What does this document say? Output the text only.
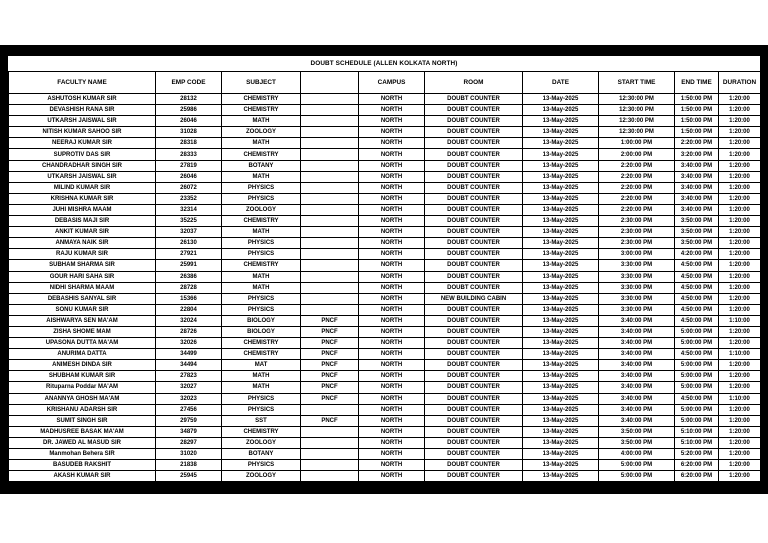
DOUBT SCHEDULE (ALLEN KOLKATA NORTH)
FACULTY NAME	EMP CODE	SUBJECT		CAMPUS	ROOM	DATE	START TIME	END TIME	DURATION
ASHUTOSH KUMAR SIR	28132	CHEMISTRY		NORTH	DOUBT COUNTER	13-May-2025	12:30:00 PM	1:50:00 PM	1:20:00
DEVASHISH RANA SIR	25986	CHEMISTRY		NORTH	DOUBT COUNTER	13-May-2025	12:30:00 PM	1:50:00 PM	1:20:00
UTKARSH JAISWAL SIR	26046	MATH		NORTH	DOUBT COUNTER	13-May-2025	12:30:00 PM	1:50:00 PM	1:20:00
NITISH KUMAR SAHOO SIR	31028	ZOOLOGY		NORTH	DOUBT COUNTER	13-May-2025	12:30:00 PM	1:50:00 PM	1:20:00
NEERAJ KUMAR SIR	28318	MATH		NORTH	DOUBT COUNTER	13-May-2025	1:00:00 PM	2:20:00 PM	1:20:00
SUPROTIV DAS SIR	28333	CHEMISTRY		NORTH	DOUBT COUNTER	13-May-2025	2:00:00 PM	3:20:00 PM	1:20:00
CHANDRADHAR SINGH SIR	27819	BOTANY		NORTH	DOUBT COUNTER	13-May-2025	2:20:00 PM	3:40:00 PM	1:20:00
UTKARSH JAISWAL SIR	26046	MATH		NORTH	DOUBT COUNTER	13-May-2025	2:20:00 PM	3:40:00 PM	1:20:00
MILIND KUMAR SIR	26072	PHYSICS		NORTH	DOUBT COUNTER	13-May-2025	2:20:00 PM	3:40:00 PM	1:20:00
KRISHNA KUMAR SIR	23352	PHYSICS		NORTH	DOUBT COUNTER	13-May-2025	2:20:00 PM	3:40:00 PM	1:20:00
JUHI MISHRA MAAM	32314	ZOOLOGY		NORTH	DOUBT COUNTER	13-May-2025	2:20:00 PM	3:40:00 PM	1:20:00
DEBASIS MAJI SIR	35225	CHEMISTRY		NORTH	DOUBT COUNTER	13-May-2025	2:30:00 PM	3:50:00 PM	1:20:00
ANKIT KUMAR SIR	32037	MATH		NORTH	DOUBT COUNTER	13-May-2025	2:30:00 PM	3:50:00 PM	1:20:00
ANMAYA NAIK SIR	26130	PHYSICS		NORTH	DOUBT COUNTER	13-May-2025	2:30:00 PM	3:50:00 PM	1:20:00
RAJU KUMAR SIR	27921	PHYSICS		NORTH	DOUBT COUNTER	13-May-2025	3:00:00 PM	4:20:00 PM	1:20:00
SUBHAM SHARMA SIR	25991	CHEMISTRY		NORTH	DOUBT COUNTER	13-May-2025	3:30:00 PM	4:50:00 PM	1:20:00
GOUR HARI SAHA SIR	26386	MATH		NORTH	DOUBT COUNTER	13-May-2025	3:30:00 PM	4:50:00 PM	1:20:00
NIDHI SHARMA MAAM	28728	MATH		NORTH	DOUBT COUNTER	13-May-2025	3:30:00 PM	4:50:00 PM	1:20:00
DEBASHIS SANYAL SIR	15366	PHYSICS		NORTH	NEW BUILDING CABIN	13-May-2025	3:30:00 PM	4:50:00 PM	1:20:00
SONU KUMAR SIR	22804	PHYSICS		NORTH	DOUBT COUNTER	13-May-2025	3:30:00 PM	4:50:00 PM	1:20:00
AISHWARYA SEN MA'AM	32024	BIOLOGY	PNCF	NORTH	DOUBT COUNTER	13-May-2025	3:40:00 PM	4:50:00 PM	1:10:00
ZISHA SHOME MAM	28726	BIOLOGY	PNCF	NORTH	DOUBT COUNTER	13-May-2025	3:40:00 PM	5:00:00 PM	1:20:00
UPASONA DUTTA MA'AM	32026	CHEMISTRY	PNCF	NORTH	DOUBT COUNTER	13-May-2025	3:40:00 PM	5:00:00 PM	1:20:00
ANURIMA DATTA	34499	CHEMISTRY	PNCF	NORTH	DOUBT COUNTER	13-May-2025	3:40:00 PM	4:50:00 PM	1:10:00
ANIMESH DINDA SIR	34494	MAT	PNCF	NORTH	DOUBT COUNTER	13-May-2025	3:40:00 PM	5:00:00 PM	1:20:00
SHUBHAM KUMAR SIR	27823	MATH	PNCF	NORTH	DOUBT COUNTER	13-May-2025	3:40:00 PM	5:00:00 PM	1:20:00
Rituparna Poddar MA'AM	32027	MATH	PNCF	NORTH	DOUBT COUNTER	13-May-2025	3:40:00 PM	5:00:00 PM	1:20:00
ANANNYA GHOSH MA'AM	32023	PHYSICS	PNCF	NORTH	DOUBT COUNTER	13-May-2025	3:40:00 PM	4:50:00 PM	1:10:00
KRISHANU ADARSH SIR	27456	PHYSICS		NORTH	DOUBT COUNTER	13-May-2025	3:40:00 PM	5:00:00 PM	1:20:00
SUMIT SINGH SIR	29759	SST	PNCF	NORTH	DOUBT COUNTER	13-May-2025	3:40:00 PM	5:00:00 PM	1:20:00
MADHUSREE BASAK MA'AM	34879	CHEMISTRY		NORTH	DOUBT COUNTER	13-May-2025	3:50:00 PM	5:10:00 PM	1:20:00
DR. JAWED AL MASUD SIR	28297	ZOOLOGY		NORTH	DOUBT COUNTER	13-May-2025	3:50:00 PM	5:10:00 PM	1:20:00
Manmohan Behera SIR	31020	BOTANY		NORTH	DOUBT COUNTER	13-May-2025	4:00:00 PM	5:20:00 PM	1:20:00
BASUDEB RAKSHIT	21838	PHYSICS		NORTH	DOUBT COUNTER	13-May-2025	5:00:00 PM	6:20:00 PM	1:20:00
AKASH KUMAR SIR	25945	ZOOLOGY		NORTH	DOUBT COUNTER	13-May-2025	5:00:00 PM	6:20:00 PM	1:20:00
